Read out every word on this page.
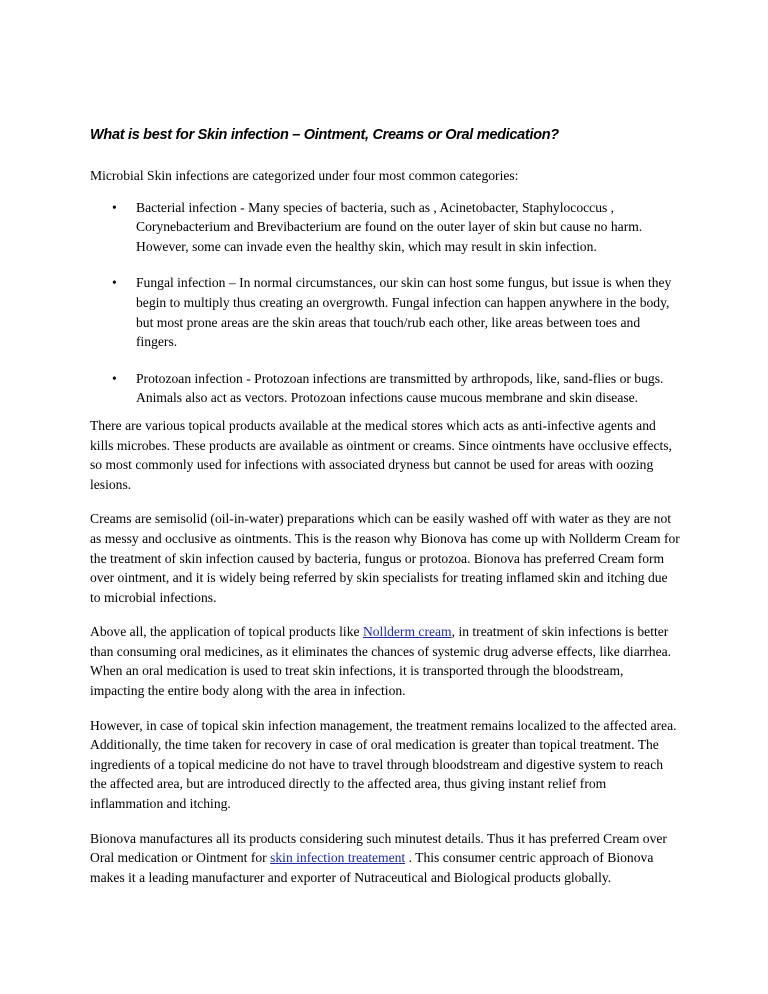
What is best for Skin infection – Ointment, Creams or Oral medication?

Microbial Skin infections are categorized under four most common categories:

• Bacterial infection - Many species of bacteria, such as , Acinetobacter, Staphylococcus , Corynebacterium and Brevibacterium are found on the outer layer of skin but cause no harm. However, some can invade even the healthy skin, which may result in skin infection.
• Fungal infection – In normal circumstances, our skin can host some fungus, but issue is when they begin to multiply thus creating an overgrowth. Fungal infection can happen anywhere in the body, but most prone areas are the skin areas that touch/rub each other, like areas between toes and fingers.
• Protozoan infection - Protozoan infections are transmitted by arthropods, like, sand-flies or bugs. Animals also act as vectors. Protozoan infections cause mucous membrane and skin disease.

There are various topical products available at the medical stores which acts as anti-infective agents and kills microbes. These products are available as ointment or creams. Since ointments have occlusive effects, so most commonly used for infections with associated dryness but cannot be used for areas with oozing lesions.

Creams are semisolid (oil-in-water) preparations which can be easily washed off with water as they are not as messy and occlusive as ointments. This is the reason why Bionova has come up with Nollderm Cream for the treatment of skin infection caused by bacteria, fungus or protozoa. Bionova has preferred Cream form over ointment, and it is widely being referred by skin specialists for treating inflamed skin and itching due to microbial infections.

Above all, the application of topical products like Nollderm cream, in treatment of skin infections is better than consuming oral medicines, as it eliminates the chances of systemic drug adverse effects, like diarrhea. When an oral medication is used to treat skin infections, it is transported through the bloodstream, impacting the entire body along with the area in infection.

However, in case of topical skin infection management, the treatment remains localized to the affected area. Additionally, the time taken for recovery in case of oral medication is greater than topical treatment. The ingredients of a topical medicine do not have to travel through bloodstream and digestive system to reach the affected area, but are introduced directly to the affected area, thus giving instant relief from inflammation and itching.

Bionova manufactures all its products considering such minutest details. Thus it has preferred Cream over Oral medication or Ointment for skin infection treatement . This consumer centric approach of Bionova makes it a leading manufacturer and exporter of Nutraceutical and Biological products globally.
